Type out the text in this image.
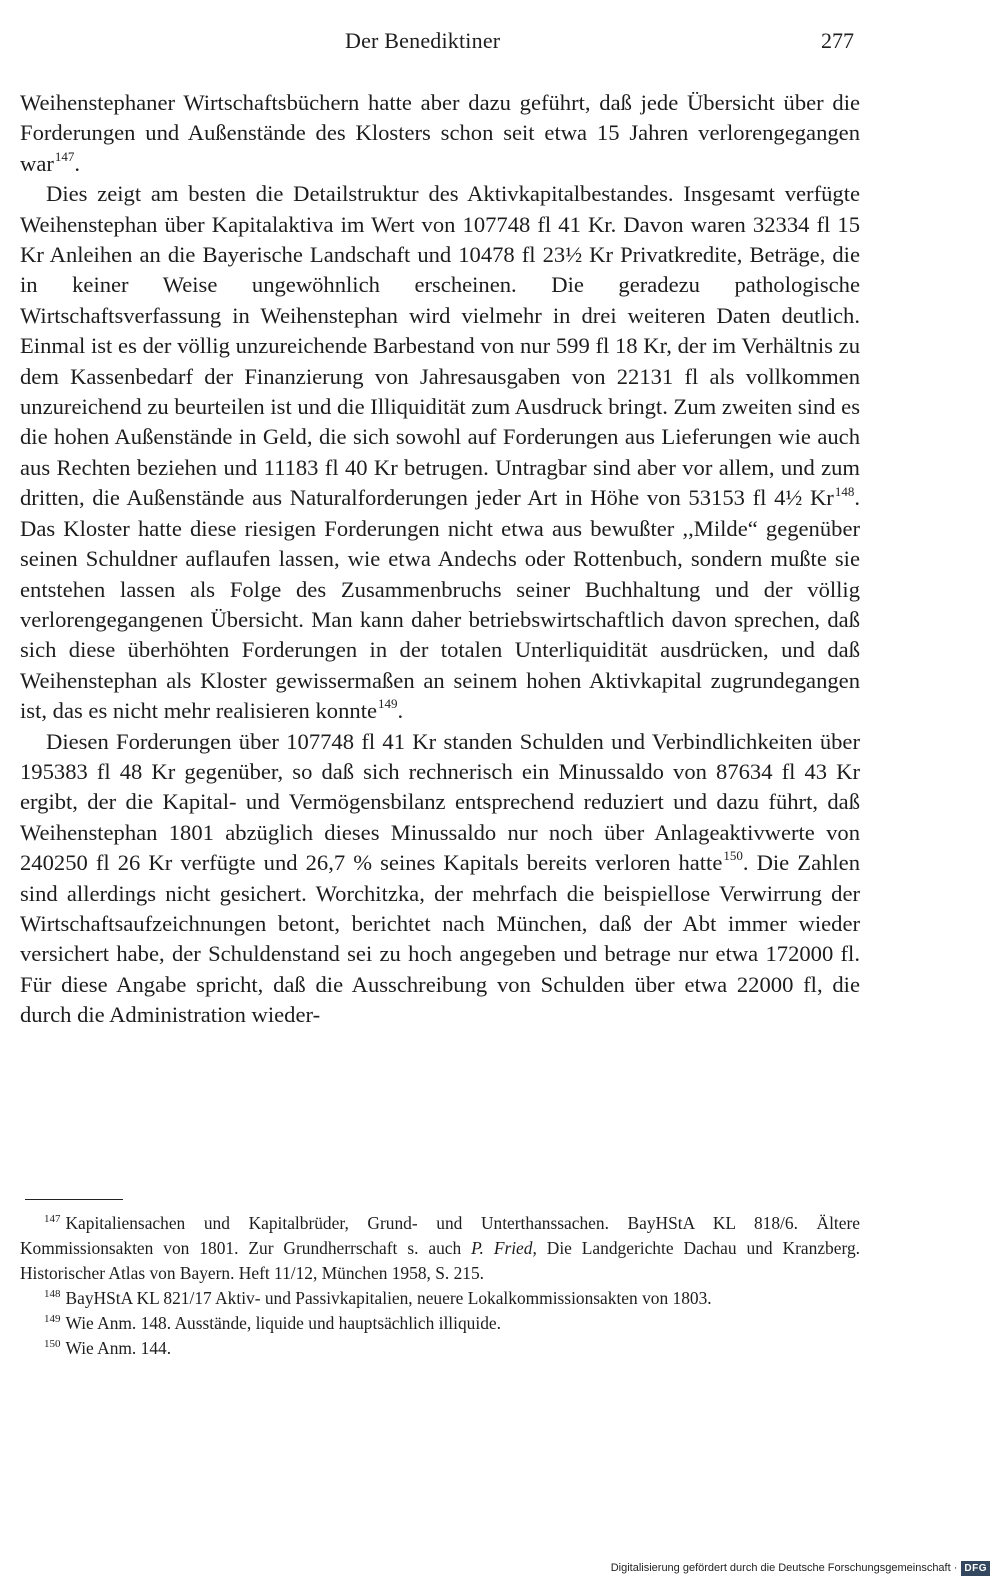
Der Benediktiner	277

Weihenstephaner Wirtschaftsbüchern hatte aber dazu geführt, daß jede Übersicht über die Forderungen und Außenstände des Klosters schon seit etwa 15 Jahren verlorengegangen war$^{147}$.

Dies zeigt am besten die Detailstruktur des Aktivkapitalbestandes. Insgesamt verfügte Weihenstephan über Kapitalaktiva im Wert von 107748 fl 41 Kr. Davon waren 32334 fl 15 Kr Anleihen an die Bayerische Landschaft und 10478 fl 23½ Kr Privatkredite, Beträge, die in keiner Weise ungewöhnlich erscheinen. Die geradezu pathologische Wirtschaftsverfassung in Weihenstephan wird vielmehr in drei weiteren Daten deutlich. Einmal ist es der völlig unzureichende Barbestand von nur 599 fl 18 Kr, der im Verhältnis zu dem Kassenbedarf der Finanzierung von Jahresausgaben von 22131 fl als vollkommen unzureichend zu beurteilen ist und die Illiquidität zum Ausdruck bringt. Zum zweiten sind es die hohen Außenstände in Geld, die sich sowohl auf Forderungen aus Lieferungen wie auch aus Rechten beziehen und 11183 fl 40 Kr betrugen. Untragbar sind aber vor allem, und zum dritten, die Außenstände aus Naturalforderungen jeder Art in Höhe von 53153 fl 4½ Kr$^{148}$. Das Kloster hatte diese riesigen Forderungen nicht etwa aus bewußter ,,Milde“ gegenüber seinen Schuldner auflaufen lassen, wie etwa Andechs oder Rottenbuch, sondern mußte sie entstehen lassen als Folge des Zusammenbruchs seiner Buchhaltung und der völlig verlorengegangenen Übersicht. Man kann daher betriebswirtschaftlich davon sprechen, daß sich diese überhöhten Forderungen in der totalen Unterliquidität ausdrücken, und daß Weihenstephan als Kloster gewissermaßen an seinem hohen Aktivkapital zugrundegangen ist, das es nicht mehr realisieren konnte$^{149}$.

Diesen Forderungen über 107748 fl 41 Kr standen Schulden und Verbindlichkeiten über 195383 fl 48 Kr gegenüber, so daß sich rechnerisch ein Minussaldo von 87634 fl 43 Kr ergibt, der die Kapital- und Vermögensbilanz entsprechend reduziert und dazu führt, daß Weihenstephan 1801 abzüglich dieses Minussaldo nur noch über Anlageaktivwerte von 240250 fl 26 Kr verfügte und 26,7 % seines Kapitals bereits verloren hatte$^{150}$. Die Zahlen sind allerdings nicht gesichert. Worchitzka, der mehrfach die beispiellose Verwirrung der Wirtschaftsaufzeichnungen betont, berichtet nach München, daß der Abt immer wieder versichert habe, der Schuldenstand sei zu hoch angegeben und betrage nur etwa 172000 fl. Für diese Angabe spricht, daß die Ausschreibung von Schulden über etwa 22000 fl, die durch die Administration wieder-

$^{147}$ Kapitaliensachen und Kapitalbrüder, Grund- und Unterthanssachen. BayHStA KL 818/6. Ältere Kommissionsakten von 1801. Zur Grundherrschaft s. auch P. Fried, Die Landgerichte Dachau und Kranzberg. Historischer Atlas von Bayern. Heft 11/12, München 1958, S. 215.

$^{148}$ BayHStA KL 821/17 Aktiv- und Passivkapitalien, neuere Lokalkommissionsakten von 1803.

$^{149}$ Wie Anm. 148. Ausstände, liquide und hauptsächlich illiquide.

$^{150}$ Wie Anm. 144.

Digitalisierung gefördert durch die Deutsche Forschungsgemeinschaft · DFG
